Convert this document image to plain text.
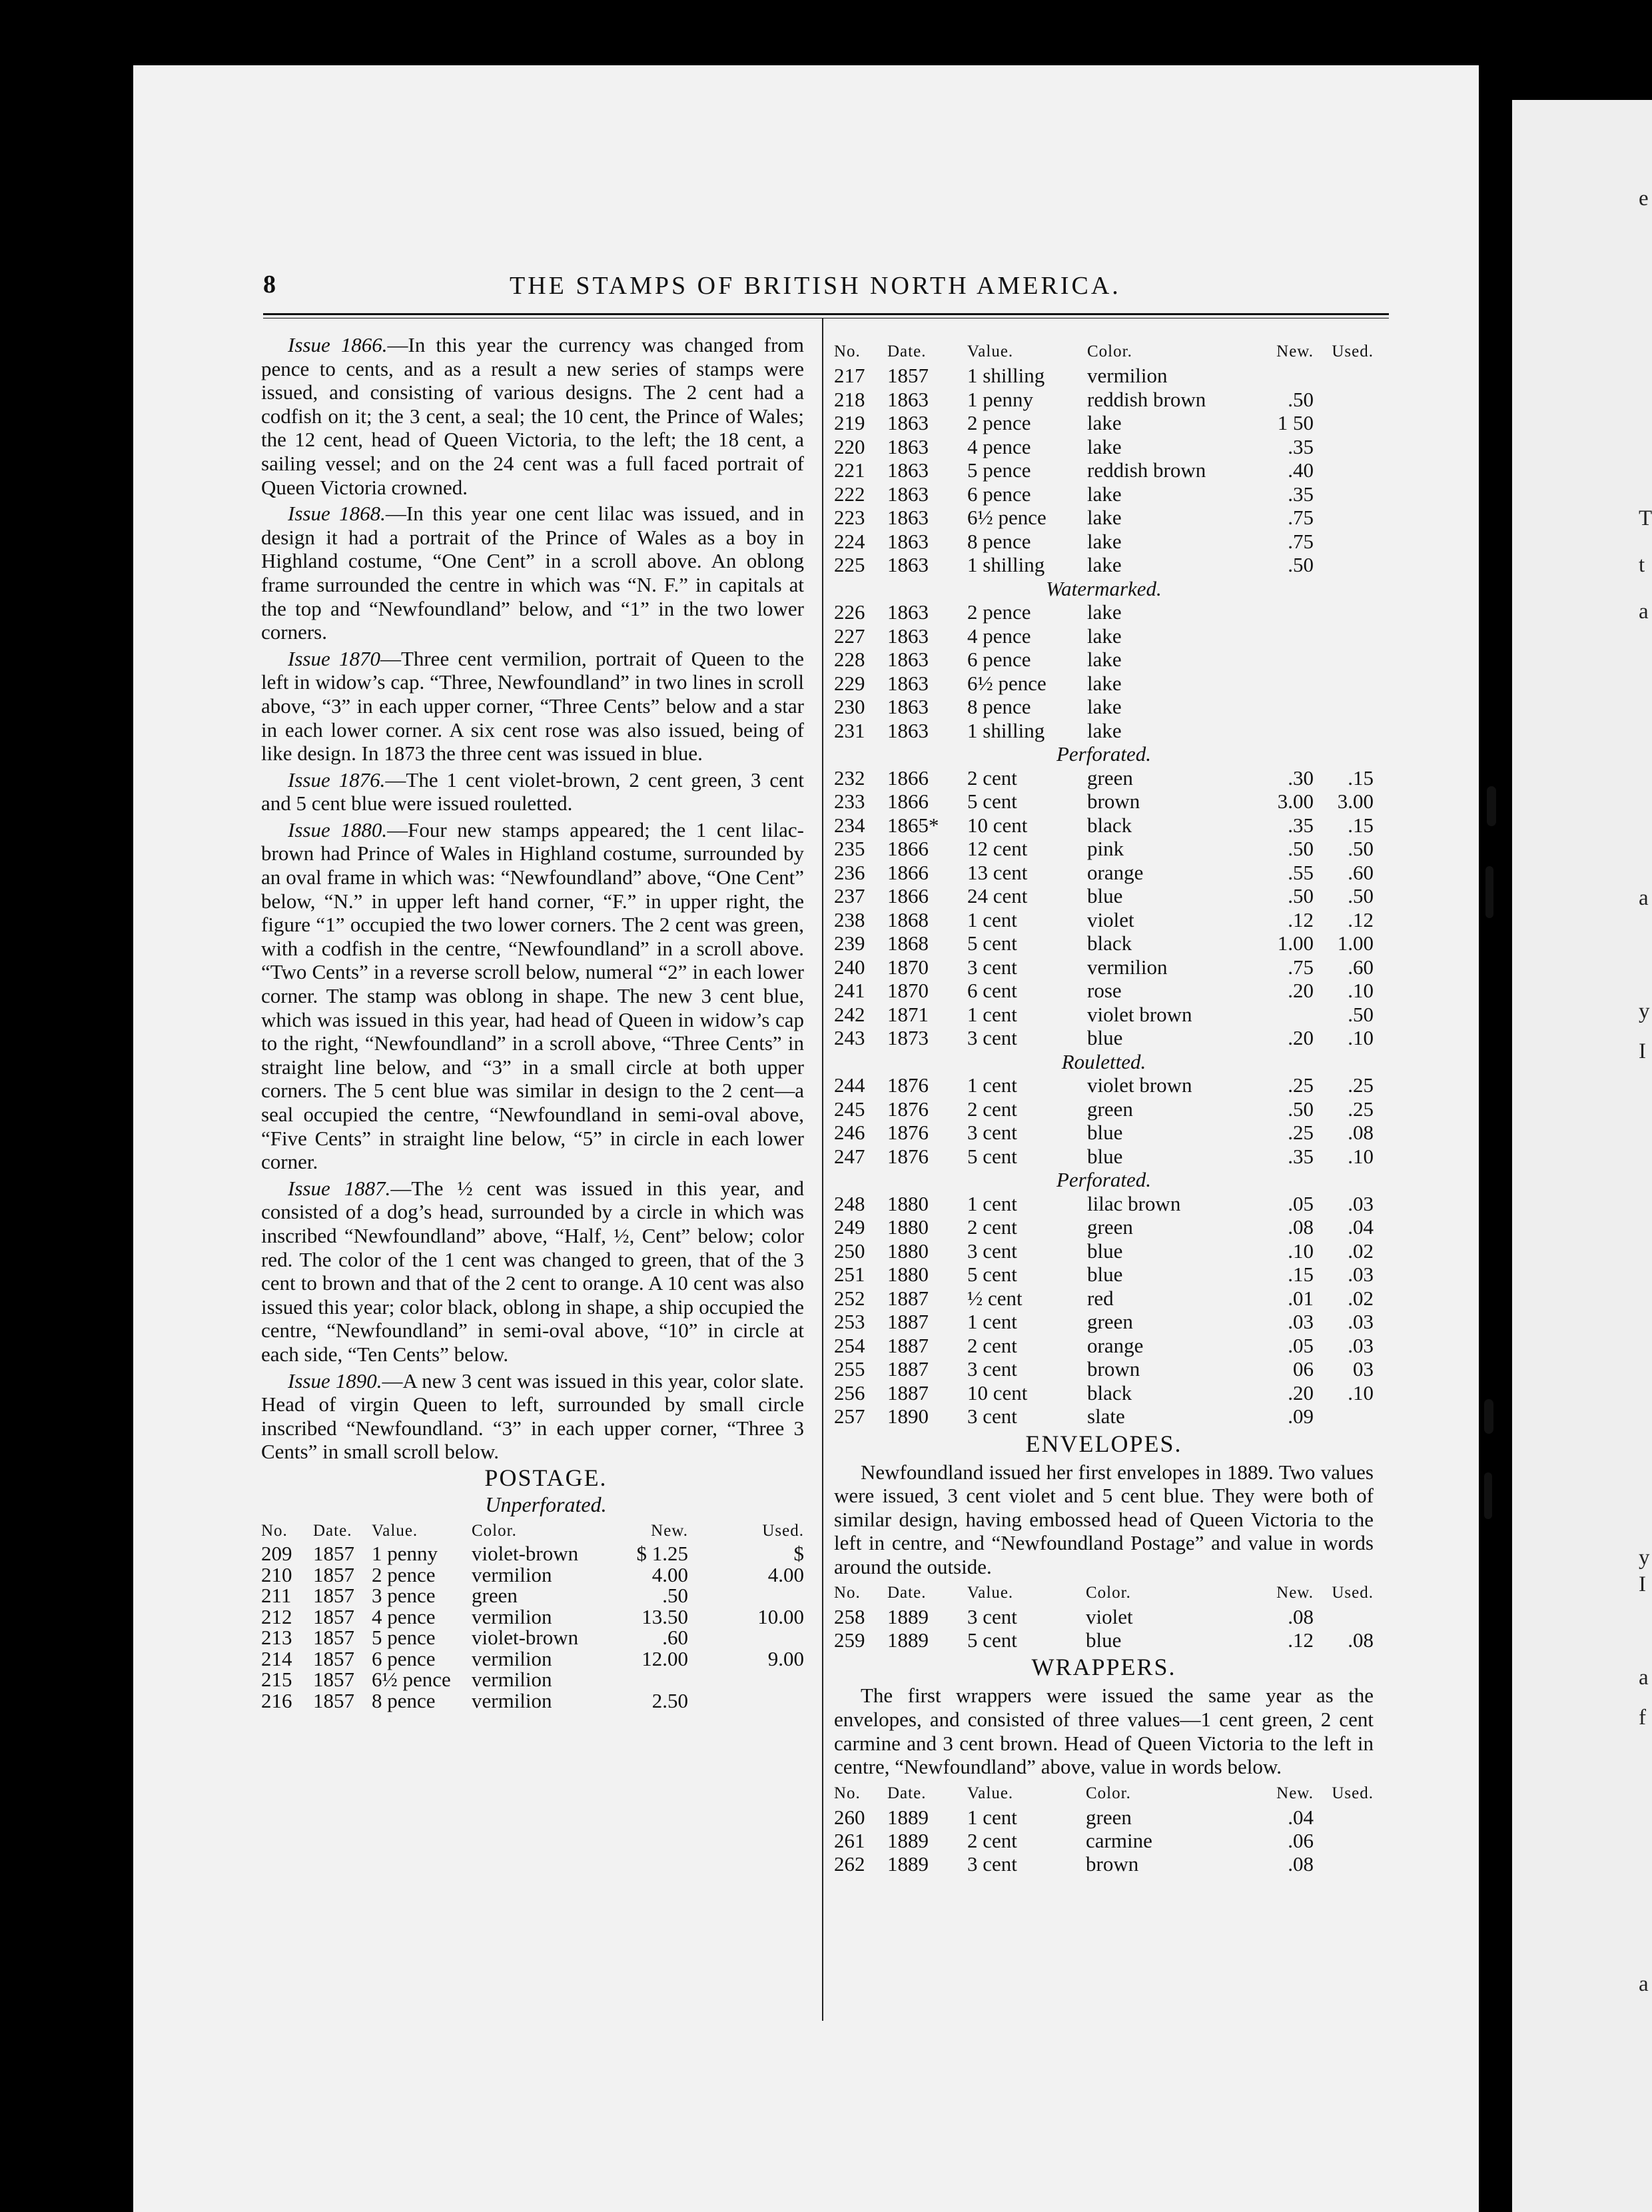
e
T
t
a
a
y
I
y
I
a
f
a
8	THE STAMPS OF BRITISH NORTH AMERICA.

Issue 1866.—In this year the currency was changed from pence to cents, and as a result a new series of stamps were issued, and consisting of various designs. The 2 cent had a codfish on it; the 3 cent, a seal; the 10 cent, the Prince of Wales; the 12 cent, head of Queen Victoria, to the left; the 18 cent, a sailing vessel; and on the 24 cent was a full faced portrait of Queen Victoria crowned.

Issue 1868.—In this year one cent lilac was issued, and in design it had a portrait of the Prince of Wales as a boy in Highland costume, “One Cent” in a scroll above. An oblong frame surrounded the centre in which was “N. F.” in capitals at the top and “Newfoundland” below, and “1” in the two lower corners.

Issue 1870—Three cent vermilion, portrait of Queen to the left in widow’s cap. “Three, Newfoundland” in two lines in scroll above, “3” in each upper corner, “Three Cents” below and a star in each lower corner. A six cent rose was also issued, being of like design. In 1873 the three cent was issued in blue.

Issue 1876.—The 1 cent violet-brown, 2 cent green, 3 cent and 5 cent blue were issued rouletted.

Issue 1880.—Four new stamps appeared; the 1 cent lilac-brown had Prince of Wales in Highland costume, surrounded by an oval frame in which was: “Newfoundland” above, “One Cent” below, “N.” in upper left hand corner, “F.” in upper right, the figure “1” occupied the two lower corners. The 2 cent was green, with a codfish in the centre, “Newfoundland” in a scroll above. “Two Cents” in a reverse scroll below, numeral “2” in each lower corner. The stamp was oblong in shape. The new 3 cent blue, which was issued in this year, had head of Queen in widow’s cap to the right, “Newfoundland” in a scroll above, “Three Cents” in straight line below, and “3” in a small circle at both upper corners. The 5 cent blue was similar in design to the 2 cent—a seal occupied the centre, “Newfoundland in semi-oval above, “Five Cents” in straight line below, “5” in circle in each lower corner.

Issue 1887.—The ½ cent was issued in this year, and consisted of a dog’s head, surrounded by a circle in which was inscribed “Newfoundland” above, “Half, ½, Cent” below; color red. The color of the 1 cent was changed to green, that of the 3 cent to brown and that of the 2 cent to orange. A 10 cent was also issued this year; color black, oblong in shape, a ship occupied the centre, “Newfoundland” in semi-oval above, “10” in circle at each side, “Ten Cents” below.

Issue 1890.—A new 3 cent was issued in this year, color slate. Head of virgin Queen to left, surrounded by small circle inscribed “Newfoundland. “3” in each upper corner, “Three 3 Cents” in small scroll below.

POSTAGE.

Unperforated.

No.	Date.	Value.	Color.	New.	Used.
209	1857	1 penny	violet-brown	$ 1.25	$
210	1857	2 pence	vermilion	4.00	4.00
211	1857	3 pence	green	.50	
212	1857	4 pence	vermilion	13.50	10.00
213	1857	5 pence	violet-brown	.60	
214	1857	6 pence	vermilion	12.00	9.00
215	1857	6½ pence	vermilion		
216	1857	8 pence	vermilion	2.50	
No.	Date.	Value.	Color.	New.	Used.
217	1857	1 shilling	vermilion		
218	1863	1 penny	reddish brown	.50	
219	1863	2 pence	lake	1 50	
220	1863	4 pence	lake	.35	
221	1863	5 pence	reddish brown	.40	
222	1863	6 pence	lake	.35	
223	1863	6½ pence	lake	.75	
224	1863	8 pence	lake	.75	
225	1863	1 shilling	lake	.50	
Watermarked.					
226	1863	2 pence	lake		
227	1863	4 pence	lake		
228	1863	6 pence	lake		
229	1863	6½ pence	lake		
230	1863	8 pence	lake		
231	1863	1 shilling	lake		
Perforated.					
232	1866	2 cent	green	.30	.15
233	1866	5 cent	brown	3.00	3.00
234	1865*	10 cent	black	.35	.15
235	1866	12 cent	pink	.50	.50
236	1866	13 cent	orange	.55	.60
237	1866	24 cent	blue	.50	.50
238	1868	1 cent	violet	.12	.12
239	1868	5 cent	black	1.00	1.00
240	1870	3 cent	vermilion	.75	.60
241	1870	6 cent	rose	.20	.10
242	1871	1 cent	violet brown		.50
243	1873	3 cent	blue	.20	.10
Rouletted.					
244	1876	1 cent	violet brown	.25	.25
245	1876	2 cent	green	.50	.25
246	1876	3 cent	blue	.25	.08
247	1876	5 cent	blue	.35	.10
Perforated.					
248	1880	1 cent	lilac brown	.05	.03
249	1880	2 cent	green	.08	.04
250	1880	3 cent	blue	.10	.02
251	1880	5 cent	blue	.15	.03
252	1887	½ cent	red	.01	.02
253	1887	1 cent	green	.03	.03
254	1887	2 cent	orange	.05	.03
255	1887	3 cent	brown	06	03
256	1887	10 cent	black	.20	.10
257	1890	3 cent	slate	.09	
ENVELOPES.

Newfoundland issued her first envelopes in 1889. Two values were issued, 3 cent violet and 5 cent blue. They were both of similar design, having embossed head of Queen Victoria to the left in centre, and “Newfoundland Postage” and value in words around the outside.

No.	Date.	Value.	Color.	New.	Used.
258	1889	3 cent	violet	.08	
259	1889	5 cent	blue	.12	.08
WRAPPERS.

The first wrappers were issued the same year as the envelopes, and consisted of three values—1 cent green, 2 cent carmine and 3 cent brown. Head of Queen Victoria to the left in centre, “Newfoundland” above, value in words below.

No.	Date.	Value.	Color.	New.	Used.
260	1889	1 cent	green	.04	
261	1889	2 cent	carmine	.06	
262	1889	3 cent	brown	.08	
